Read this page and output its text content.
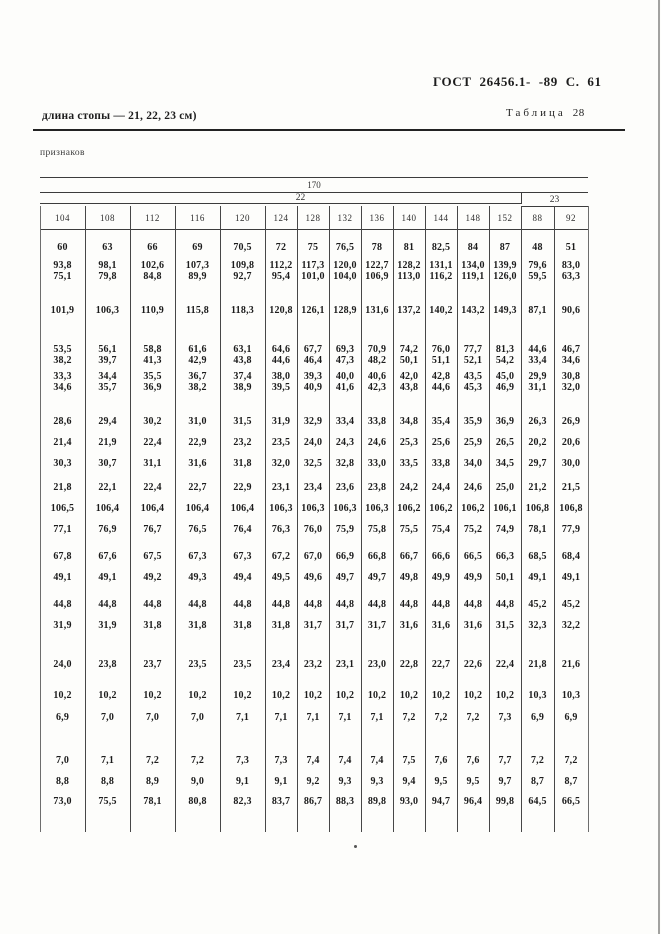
ГОСТ 26456.1- -89 С. 61
Таблица 28
длина стопы — 21, 22, 23 см)
признаков
170
22	23
104	108	112	116	120	124	128	132	136	140	144	148	152	88	92
60	63	66	69	70,5	72	75	76,5	78	81	82,5	84	87	48	51
93,8	98,1	102,6	107,3	109,8	112,2 117,3 120,0 122,7 128,2 131,1 134,0 139,9	79,6	83,0
75,1	79,8	84,8	89,9	92,7	95,4	101,0 104,0 106,9 113,0 116,2 119,1 126,0	59,5	63,3
101,9	106,3	110,9	115,8	118,3	120,8 126,1 128,9 131,6 137,2 140,2 143,2 149,3	87,1	90,6
53,5	56,1	58,8	61,6	63,1	64,6	67,7	69,3	70,9	74,2	76,0	77,7	81,3	44,6	46,7
38,2	39,7	41,3	42,9	43,8	44,6	46,4	47,3	48,2	50,1	51,1	52,1	54,2	33,4	34,6
33,3	34,4	35,5	36,7	37,4	38,0	39,3	40,0	40,6	42,0	42,8	43,5	45,0	29,9	30,8
34,6	35,7	36,9	38,2	38,9	39,5	40,9	41,6	42,3	43,8	44,6	45,3	46,9	31,1	32,0
28,6	29,4	30,2	31,0	31,5	31,9	32,9	33,4	33,8	34,8	35,4	35,9	36,9	26,3	26,9
21,4	21,9	22,4	22,9	23,2	23,5	24,0	24,3	24,6	25,3	25,6	25,9	26,5	20,2	20,6
30,3	30,7	31,1	31,6	31,8	32,0	32,5	32,8	33,0	33,5	33,8	34,0	34,5	29,7	30,0
21,8	22,1	22,4	22,7	22,9	23,1	23,4	23,6	23,8	24,2	24,4	24,6	25,0	21,2	21,5
106,5	106,4	106,4	106,4	106,4	106,3 106,3 106,3 106,3 106,2 106,2 106,2 106,1 106,8	106,8
77,1	76,9	76,7	76,5	76,4	76,3	76,0	75,9	75,8	75,5	75,4	75,2	74,9	78,1	77,9
67,8	67,6	67,5	67,3	67,3	67,2	67,0	66,9	66,8	66,7	66,6	66,5	66,3	68,5	68,4
49,1	49,1	49,2	49,3	49,4	49,5	49,6	49,7	49,7	49,8	49,9	49,9	50,1	49,1	49,1
44,8	44,8	44,8	44,8	44,8	44,8	44,8	44,8	44,8	44,8	44,8	44,8	44,8	45,2	45,2
31,9	31,9	31,8	31,8	31,8	31,8	31,7	31,7	31,7	31,6	31,6	31,6	31,5	32,3	32,2
24,0	23,8	23,7	23,5	23,5	23,4	23,2	23,1	23,0	22,8	22,7	22,6	22,4	21,8	21,6
10,2	10,2	10,2	10,2	10,2	10,2	10,2	10,2	10,2	10,2	10,2	10,2	10,2	10,3	10,3
6,9	7,0	7,0	7,0	7,1	7,1	7,1	7,1	7,1	7,2	7,2	7,2	7,3	6,9	6,9
7,0	7,1	7,2	7,2	7,3	7,3	7,4	7,4	7,4	7,5	7,6	7,6	7,7	7,2	7,2
8,8	8,8	8,9	9,0	9,1	9,1	9,2	9,3	9,3	9,4	9,5	9,5	9,7	8,7	8,7
73,0	75,5	78,1	80,8	82,3	83,7	86,7	88,3	89,8	93,0	94,7	96,4	99,8	64,5	66,5
